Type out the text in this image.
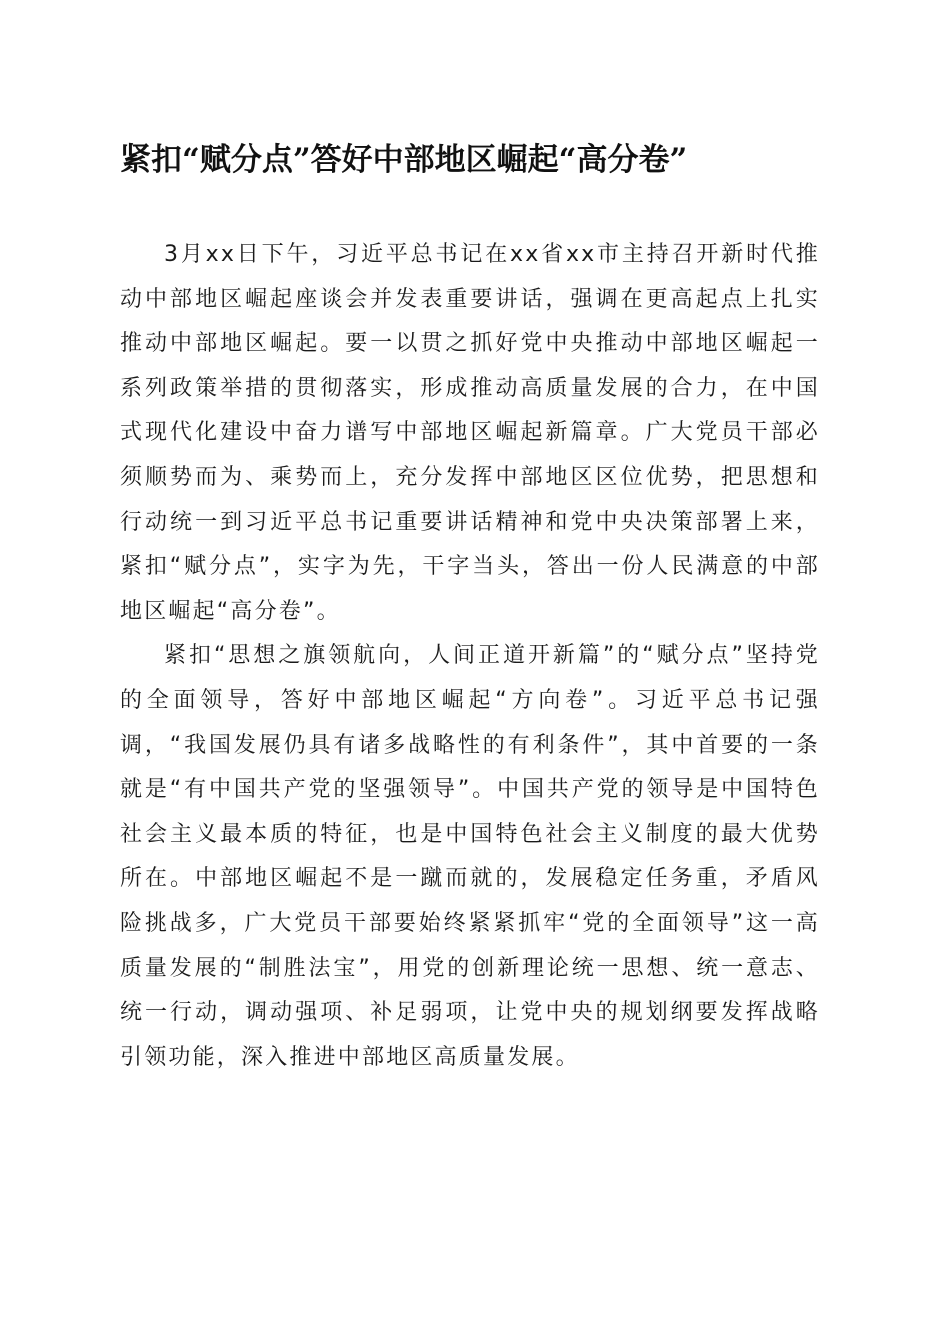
紧扣“赋分点”答好中部地区崛起“高分卷”

3月xx日下午，习近平总书记在xx省xx市主持召开新时代推动中部地区崛起座谈会并发表重要讲话，强调在更高起点上扎实推动中部地区崛起。要一以贯之抓好党中央推动中部地区崛起一系列政策举措的贯彻落实，形成推动高质量发展的合力，在中国式现代化建设中奋力谱写中部地区崛起新篇章。广大党员干部必须顺势而为、乘势而上，充分发挥中部地区区位优势，把思想和行动统一到习近平总书记重要讲话精神和党中央决策部署上来，紧扣“赋分点”，实字为先，干字当头，答出一份人民满意的中部地区崛起“高分卷”。

紧扣“思想之旗领航向，人间正道开新篇”的“赋分点”坚持党的全面领导，答好中部地区崛起“方向卷”。习近平总书记强调，“我国发展仍具有诸多战略性的有利条件”，其中首要的一条就是“有中国共产党的坚强领导”。中国共产党的领导是中国特色社会主义最本质的特征，也是中国特色社会主义制度的最大优势所在。中部地区崛起不是一蹴而就的，发展稳定任务重，矛盾风险挑战多，广大党员干部要始终紧紧抓牢“党的全面领导”这一高质量发展的“制胜法宝”，用党的创新理论统一思想、统一意志、统一行动，调动强项、补足弱项，让党中央的规划纲要发挥战略引领功能，深入推进中部地区高质量发展。
